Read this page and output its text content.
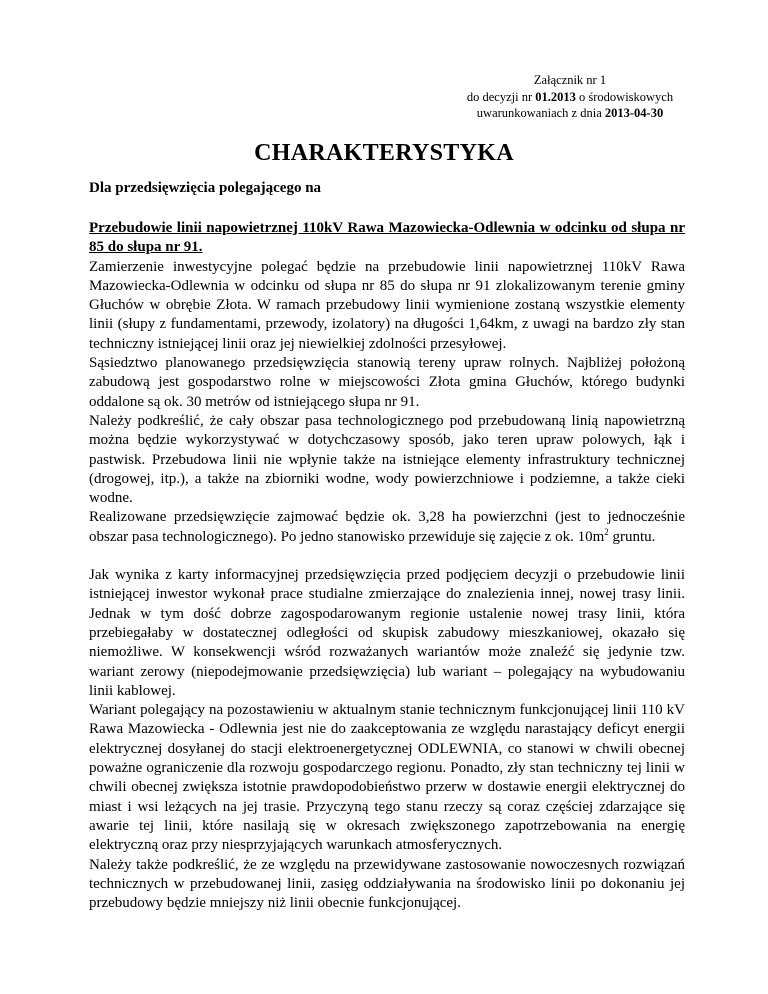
Załącznik nr 1
do decyzji nr 01.2013 o środowiskowych
uwarunkowaniach z dnia 2013-04-30
CHARAKTERYSTYKA
Dla przedsięwzięcia polegającego na

Przebudowie linii napowietrznej 110kV Rawa Mazowiecka-Odlewnia w odcinku od słupa nr 85 do słupa nr 91.

Zamierzenie inwestycyjne polegać będzie na przebudowie linii napowietrznej 110kV Rawa Mazowiecka-Odlewnia w odcinku od słupa nr 85 do słupa nr 91 zlokalizowanym terenie gminy Głuchów w obrębie Złota. W ramach przebudowy linii wymienione zostaną wszystkie elementy linii (słupy z fundamentami, przewody, izolatory) na długości 1,64km, z uwagi na bardzo zły stan techniczny istniejącej linii oraz jej niewielkiej zdolności przesyłowej.

Sąsiedztwo planowanego przedsięwzięcia stanowią tereny upraw rolnych. Najbliżej położoną zabudową jest gospodarstwo rolne w miejscowości Złota gmina Głuchów, którego budynki oddalone są ok. 30 metrów od istniejącego słupa nr 91.

Należy podkreślić, że cały obszar pasa technologicznego pod przebudowaną linią napowietrzną można będzie wykorzystywać w dotychczasowy sposób, jako teren upraw polowych, łąk i pastwisk. Przebudowa linii nie wpłynie także na istniejące elementy infrastruktury technicznej (drogowej, itp.), a także na zbiorniki wodne, wody powierzchniowe i podziemne, a także cieki wodne.

Realizowane przedsięwzięcie zajmować będzie ok. 3,28 ha powierzchni (jest to jednocześnie obszar pasa technologicznego). Po jedno stanowisko przewiduje się zajęcie z ok. $10m^2$ gruntu.

Jak wynika z karty informacyjnej przedsięwzięcia przed podjęciem decyzji o przebudowie linii istniejącej inwestor wykonał prace studialne zmierzające do znalezienia innej, nowej trasy linii. Jednak w tym dość dobrze zagospodarowanym regionie ustalenie nowej trasy linii, która przebiegałaby w dostatecznej odległości od skupisk zabudowy mieszkaniowej, okazało się niemożliwe. W konsekwencji wśród rozważanych wariantów może znaleźć się jedynie tzw. wariant zerowy (niepodejmowanie przedsięwzięcia) lub wariant – polegający na wybudowaniu linii kablowej.

Wariant polegający na pozostawieniu w aktualnym stanie technicznym funkcjonującej linii 110 kV Rawa Mazowiecka - Odlewnia jest nie do zaakceptowania ze względu narastający deficyt energii elektrycznej dosyłanej do stacji elektroenergetycznej ODLEWNIA, co stanowi w chwili obecnej poważne ograniczenie dla rozwoju gospodarczego regionu. Ponadto, zły stan techniczny tej linii w chwili obecnej zwiększa istotnie prawdopodobieństwo przerw w dostawie energii elektrycznej do miast i wsi leżących na jej trasie. Przyczyną tego stanu rzeczy są coraz częściej zdarzające się awarie tej linii, które nasilają się w okresach zwiększonego zapotrzebowania na energię elektryczną oraz przy niesprzyjających warunkach atmosferycznych.

Należy także podkreślić, że ze względu na przewidywane zastosowanie nowoczesnych rozwiązań technicznych w przebudowanej linii, zasięg oddziaływania na środowisko linii po dokonaniu jej przebudowy będzie mniejszy niż linii obecnie funkcjonującej.
